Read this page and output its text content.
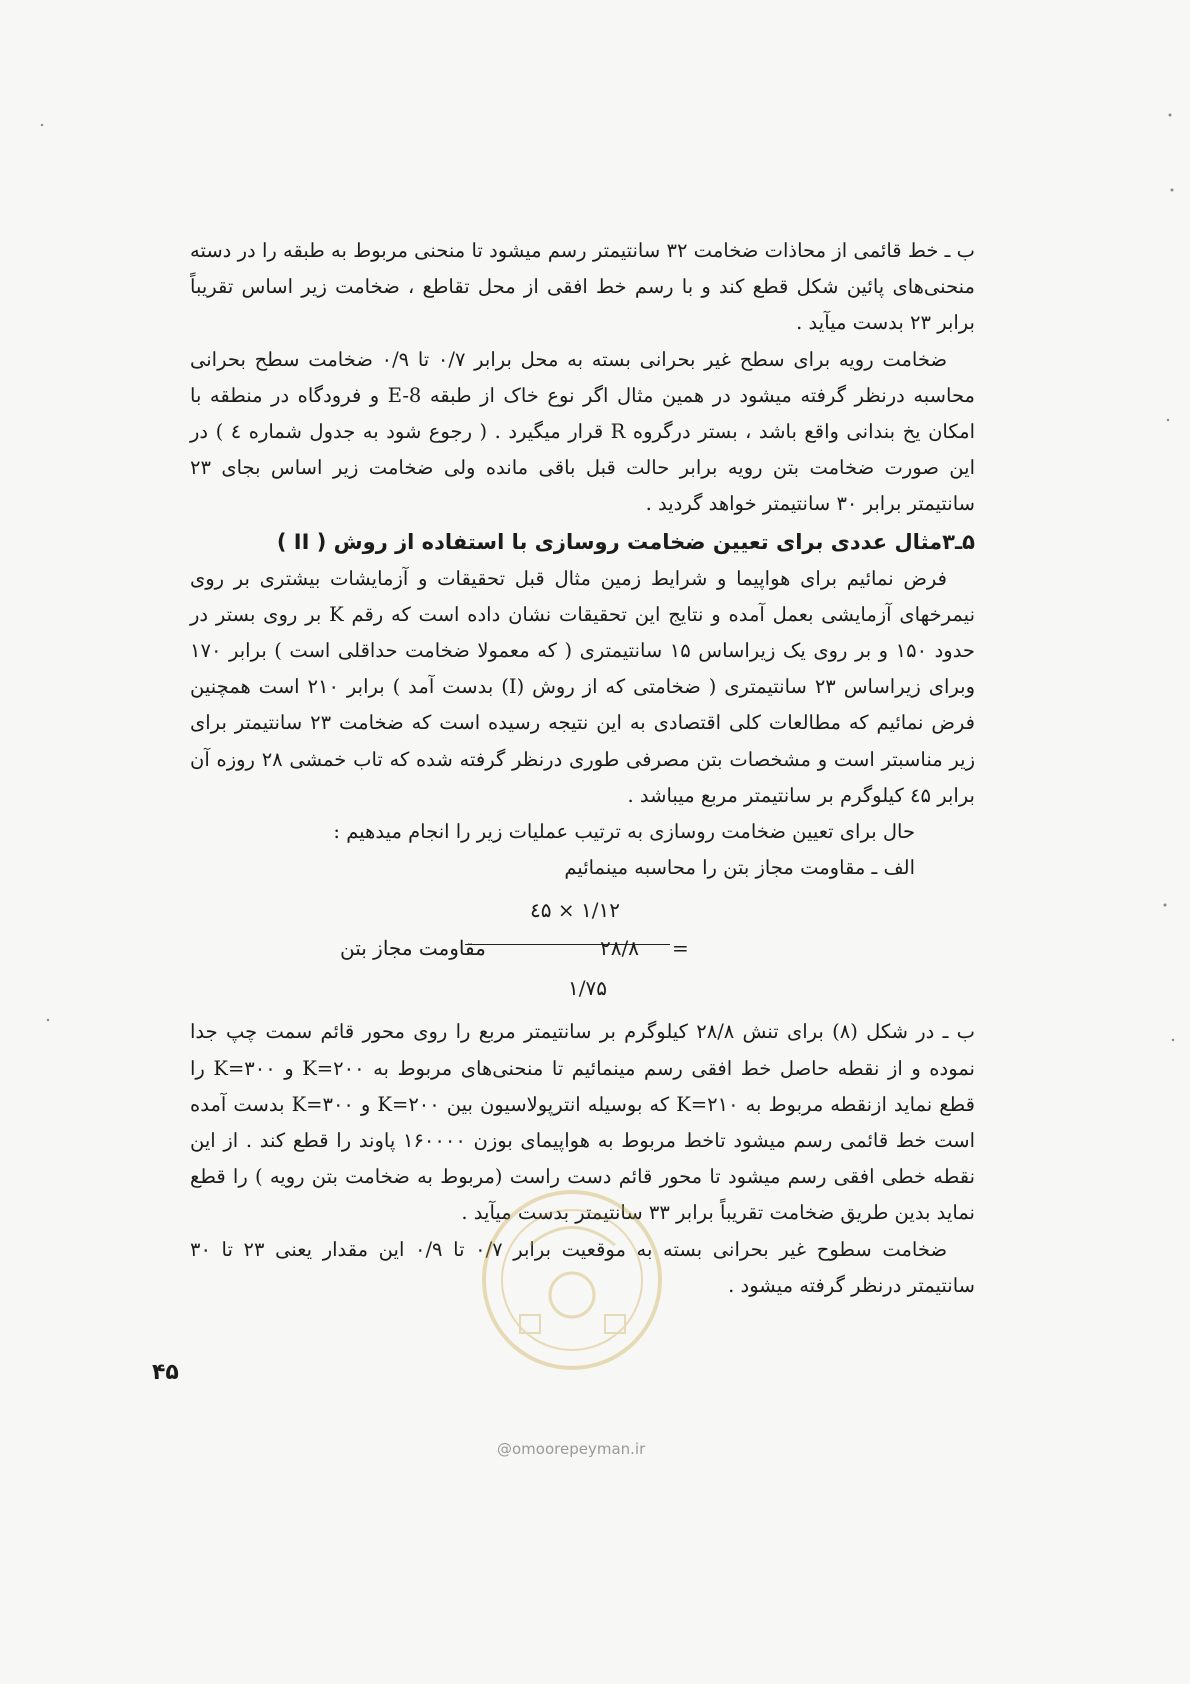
ب ـ خط قائمی از محاذات ضخامت ۳۲ سانتیمتر رسم میشود تا منحنی مربوط به طبقه را در دسته منحنی‌های پائین شکل قطع کند و با رسم خط افقی از محل تقاطع ، ضخامت زیر اساس تقریباً برابر ۲۳ بدست میآید .

ضخامت رویه برای سطح غیر بحرانی بسته به محل برابر ۰/۷ تا ۰/۹ ضخامت سطح بحرانی محاسبه درنظر گرفته میشود در همین مثال اگر نوع خاک از طبقه E-8 و فرودگاه در منطقه با امکان یخ بندانی واقع باشد ، بستر درگروه R قرار میگیرد . ( رجوع شود به جدول شماره ٤ ) در این صورت ضخامت بتن رویه برابر حالت قبل باقی مانده ولی ضخامت زیر اساس بجای ۲۳ سانتیمتر برابر ۳۰ سانتیمتر خواهد گردید .

۵ـ۳مثال عددی برای تعیین ضخامت روسازی با استفاده از روش ( II )

فرض نمائیم برای هواپیما و شرایط زمین مثال قبل تحقیقات و آزمایشات بیشتری بر روی نیمرخهای آزمایشی بعمل آمده و نتایج این تحقیقات نشان داده است که رقم K بر روی بستر در حدود ۱۵۰ و بر روی یک زیراساس ۱۵ سانتیمتری ( که معمولا ضخامت حداقلی است ) برابر ۱۷۰ وبرای زیراساس ۲۳ سانتیمتری ( ضخامتی که از روش (I) بدست آمد ) برابر ۲۱۰ است همچنین فرض نمائیم که مطالعات کلی اقتصادی به این نتیجه رسیده است که ضخامت ۲۳ سانتیمتر برای زیر مناسبتر است و مشخصات بتن مصرفی طوری درنظر گرفته شده که تاب خمشی ۲۸ روزه آن برابر ٤۵ کیلوگرم بر سانتیمتر مربع میباشد .

حال برای تعیین ضخامت روسازی به ترتیب عملیات زیر را انجام میدهیم :

الف ـ مقاومت مجاز بتن را محاسبه مینمائیم

٤۵ × ۱/۱۲
مقاومت مجاز بتن	=
۲۸/۸
۱/۷۵

ب ـ در شکل (۸) برای تنش ۲۸/۸ کیلوگرم بر سانتیمتر مربع را روی محور قائم سمت چپ جدا نموده و از نقطه حاصل خط افقی رسم مینمائیم تا منحنی‌های مربوط به K=۲۰۰ و K=۳۰۰ را قطع نماید ازنقطه مربوط به K=۲۱۰ که بوسیله انترپولاسیون بین K=۲۰۰ و K=۳۰۰ بدست آمده است خط قائمی رسم میشود تاخط مربوط به هواپیمای بوزن ۱۶۰۰۰۰ پاوند را قطع کند . از این نقطه خطی افقی رسم میشود تا محور قائم دست راست (مربوط به ضخامت بتن رویه ) را قطع نماید بدین طریق ضخامت تقریباً برابر ۳۳ سانتیمتر بدست میآید .

ضخامت سطوح غیر بحرانی بسته به موقعیت برابر ۰/۷ تا ۰/۹ این مقدار یعنی ۲۳ تا ۳۰ سانتیمتر درنظر گرفته میشود .

۴۵
@omoorepeyman.ir
